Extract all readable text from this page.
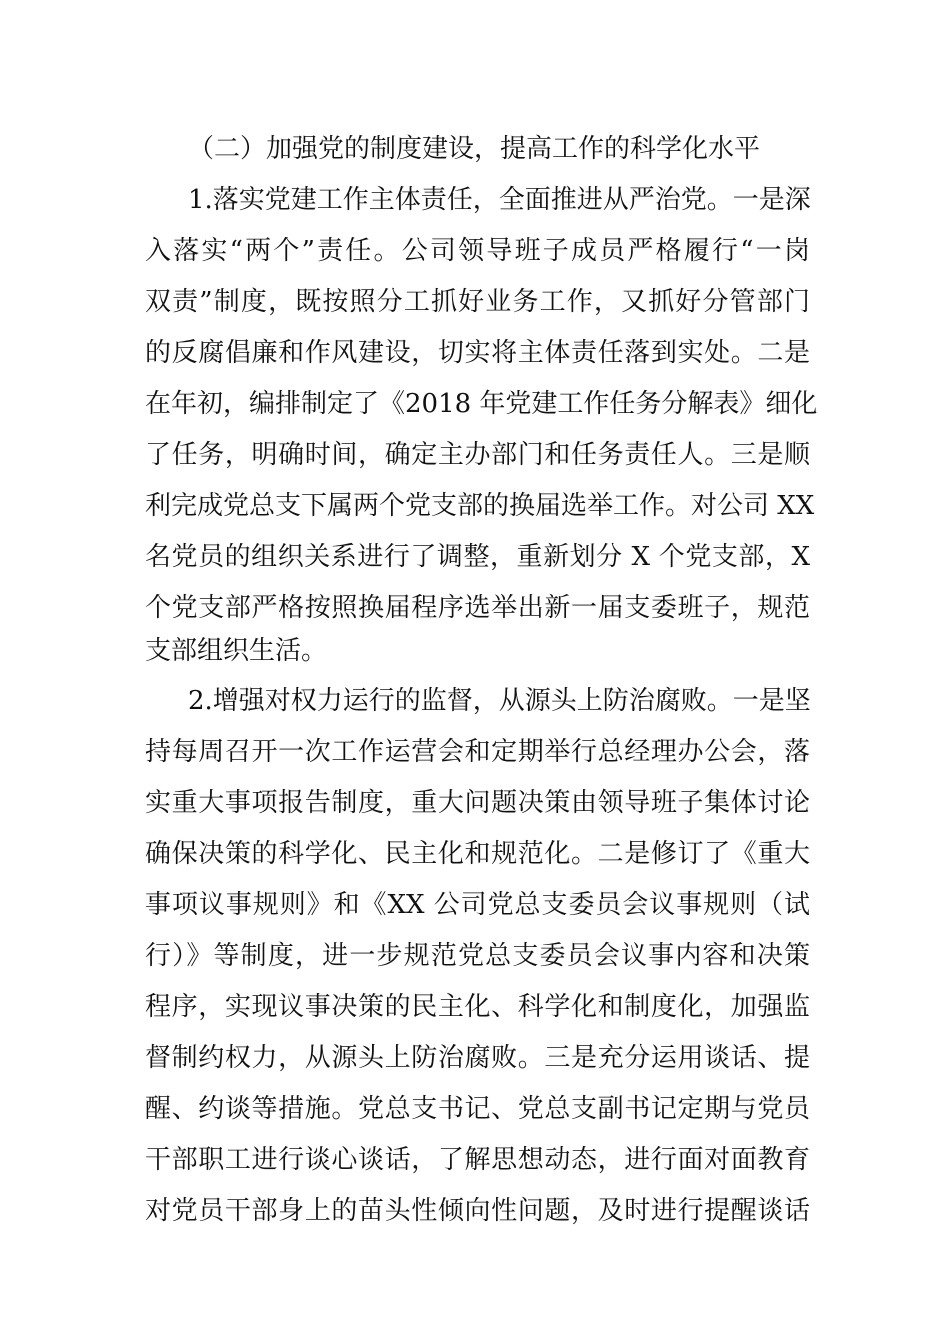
（二）加强党的制度建设，提高工作的科学化水平

1.落实党建工作主体责任，全面推进从严治党。一是深

入落实“两个”责任。公司领导班子成员严格履行“一岗

双责”制度，既按照分工抓好业务工作，又抓好分管部门

的反腐倡廉和作风建设，切实将主体责任落到实处。二是

在年初，编排制定了《2018 年党建工作任务分解表》细化

了任务，明确时间，确定主办部门和任务责任人。三是顺

利完成党总支下属两个党支部的换届选举工作。对公司 XX

名党员的组织关系进行了调整，重新划分 X 个党支部，X

个党支部严格按照换届程序选举出新一届支委班子，规范

支部组织生活。

2.增强对权力运行的监督，从源头上防治腐败。一是坚

持每周召开一次工作运营会和定期举行总经理办公会，落

实重大事项报告制度，重大问题决策由领导班子集体讨论

确保决策的科学化、民主化和规范化。二是修订了《重大

事项议事规则》和《XX 公司党总支委员会议事规则（试

行）》等制度，进一步规范党总支委员会议事内容和决策

程序，实现议事决策的民主化、科学化和制度化，加强监

督制约权力，从源头上防治腐败。三是充分运用谈话、提

醒、约谈等措施。党总支书记、党总支副书记定期与党员

干部职工进行谈心谈话，了解思想动态，进行面对面教育

对党员干部身上的苗头性倾向性问题，及时进行提醒谈话
